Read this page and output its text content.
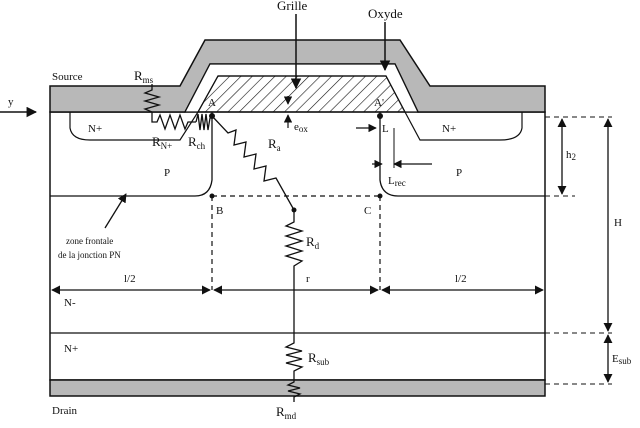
Grille
Oxyde
Source
Drain
y
$R_{ms}$
$R_{N+}$ $R_{ch}$	$R_a$
$R_d$
$R_{sub}$
$R_{md}$
eox
A	A'
B	C
L
Lrec
N+	N+
P	P
N-
N+
zone frontale
de la jonction PN
l/2	r	l/2
h2
H
Esub
